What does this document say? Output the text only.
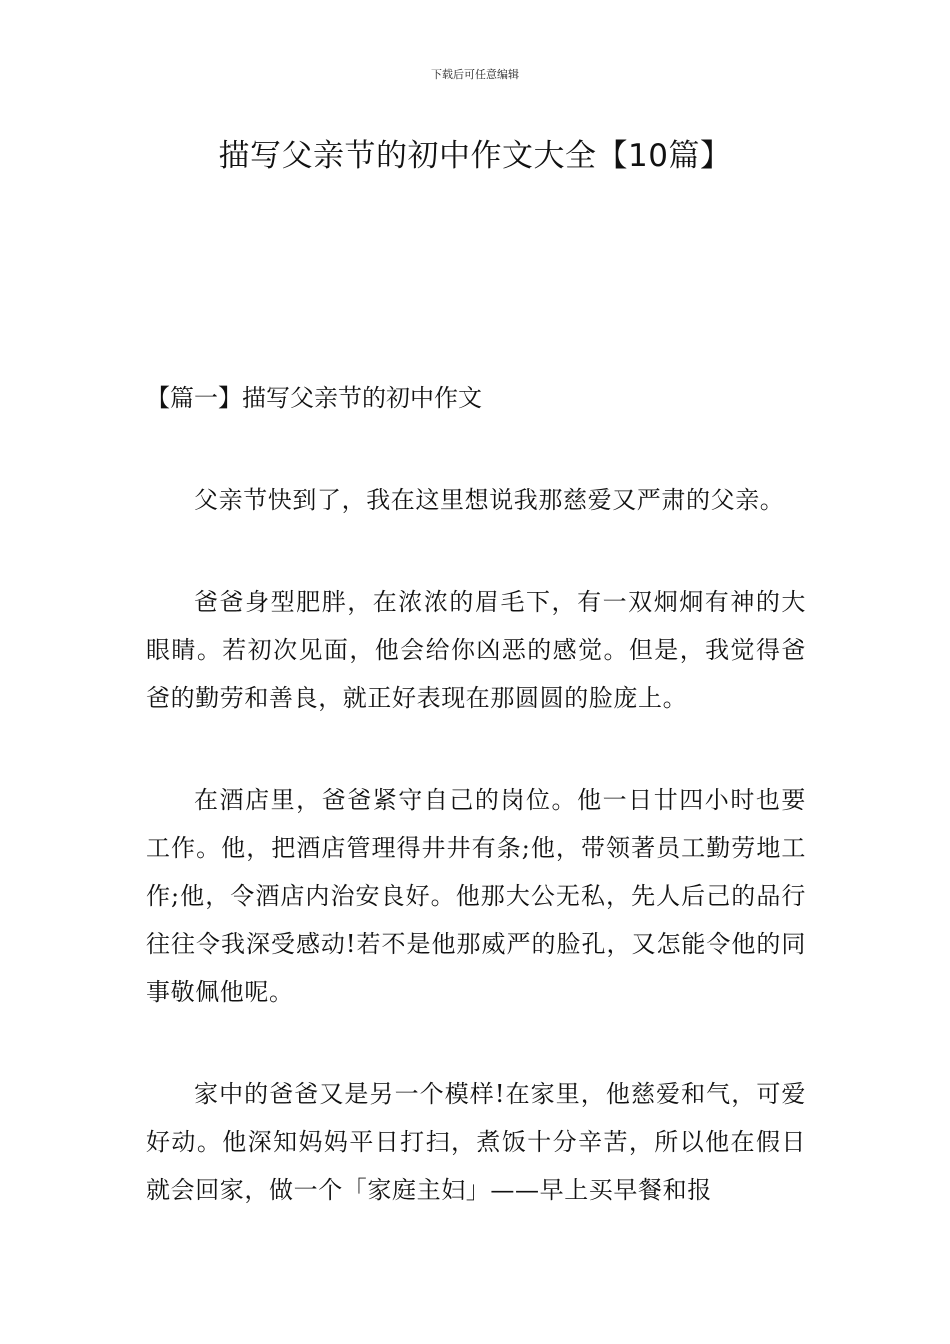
下载后可任意编辑
描写父亲节的初中作文大全【10篇】
【篇一】描写父亲节的初中作文

父亲节快到了，我在这里想说我那慈爱又严肃的父亲。

爸爸身型肥胖，在浓浓的眉毛下，有一双炯炯有神的大眼睛。若初次见面，他会给你凶恶的感觉。但是，我觉得爸爸的勤劳和善良，就正好表现在那圆圆的脸庞上。

在酒店里，爸爸紧守自己的岗位。他一日廿四小时也要工作。他，把酒店管理得井井有条;他，带领著员工勤劳地工作;他，令酒店内治安良好。他那大公无私，先人后己的品行往往令我深受感动!若不是他那威严的脸孔，又怎能令他的同事敬佩他呢。

家中的爸爸又是另一个模样!在家里，他慈爱和气，可爱好动。他深知妈妈平日打扫，煮饭十分辛苦，所以他在假日就会回家，做一个「家庭主妇」——早上买早餐和报
